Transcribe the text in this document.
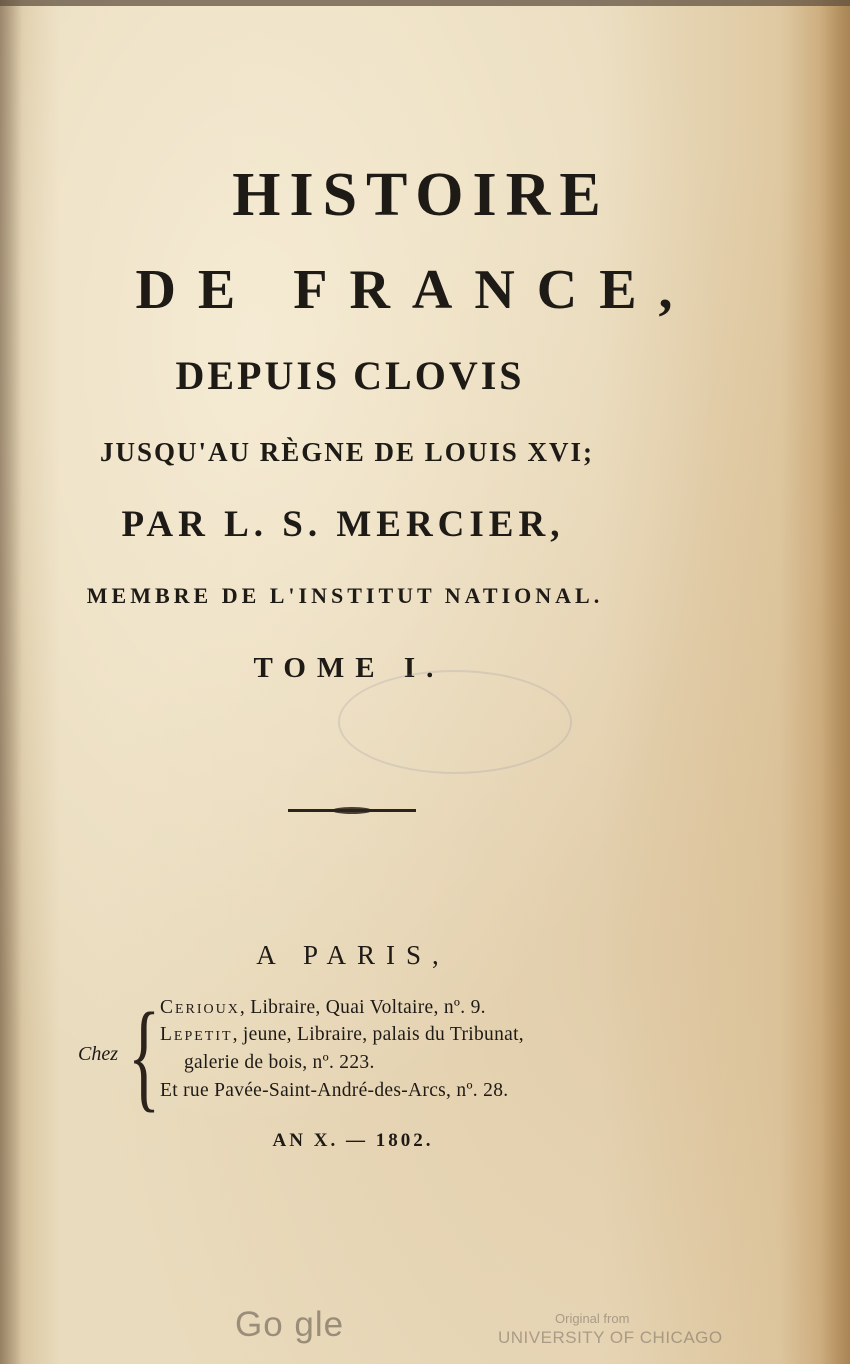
HISTOIRE
DE FRANCE,
DEPUIS CLOVIS
JUSQU'AU RÈGNE DE LOUIS XVI;
PAR L. S. MERCIER,
MEMBRE DE L'INSTITUT NATIONAL.
TOME I.
A PARIS,
Chez { Cerioux, Libraire, Quai Voltaire, nº. 9.
Lepetit, jeune, Libraire, palais du Tribunat,
galerie de bois, nº. 223.
Et rue Pavée-Saint-André-des-Arcs, nº. 28.
AN X. — 1802.
Go gle	Original from
UNIVERSITY OF CHICAGO
